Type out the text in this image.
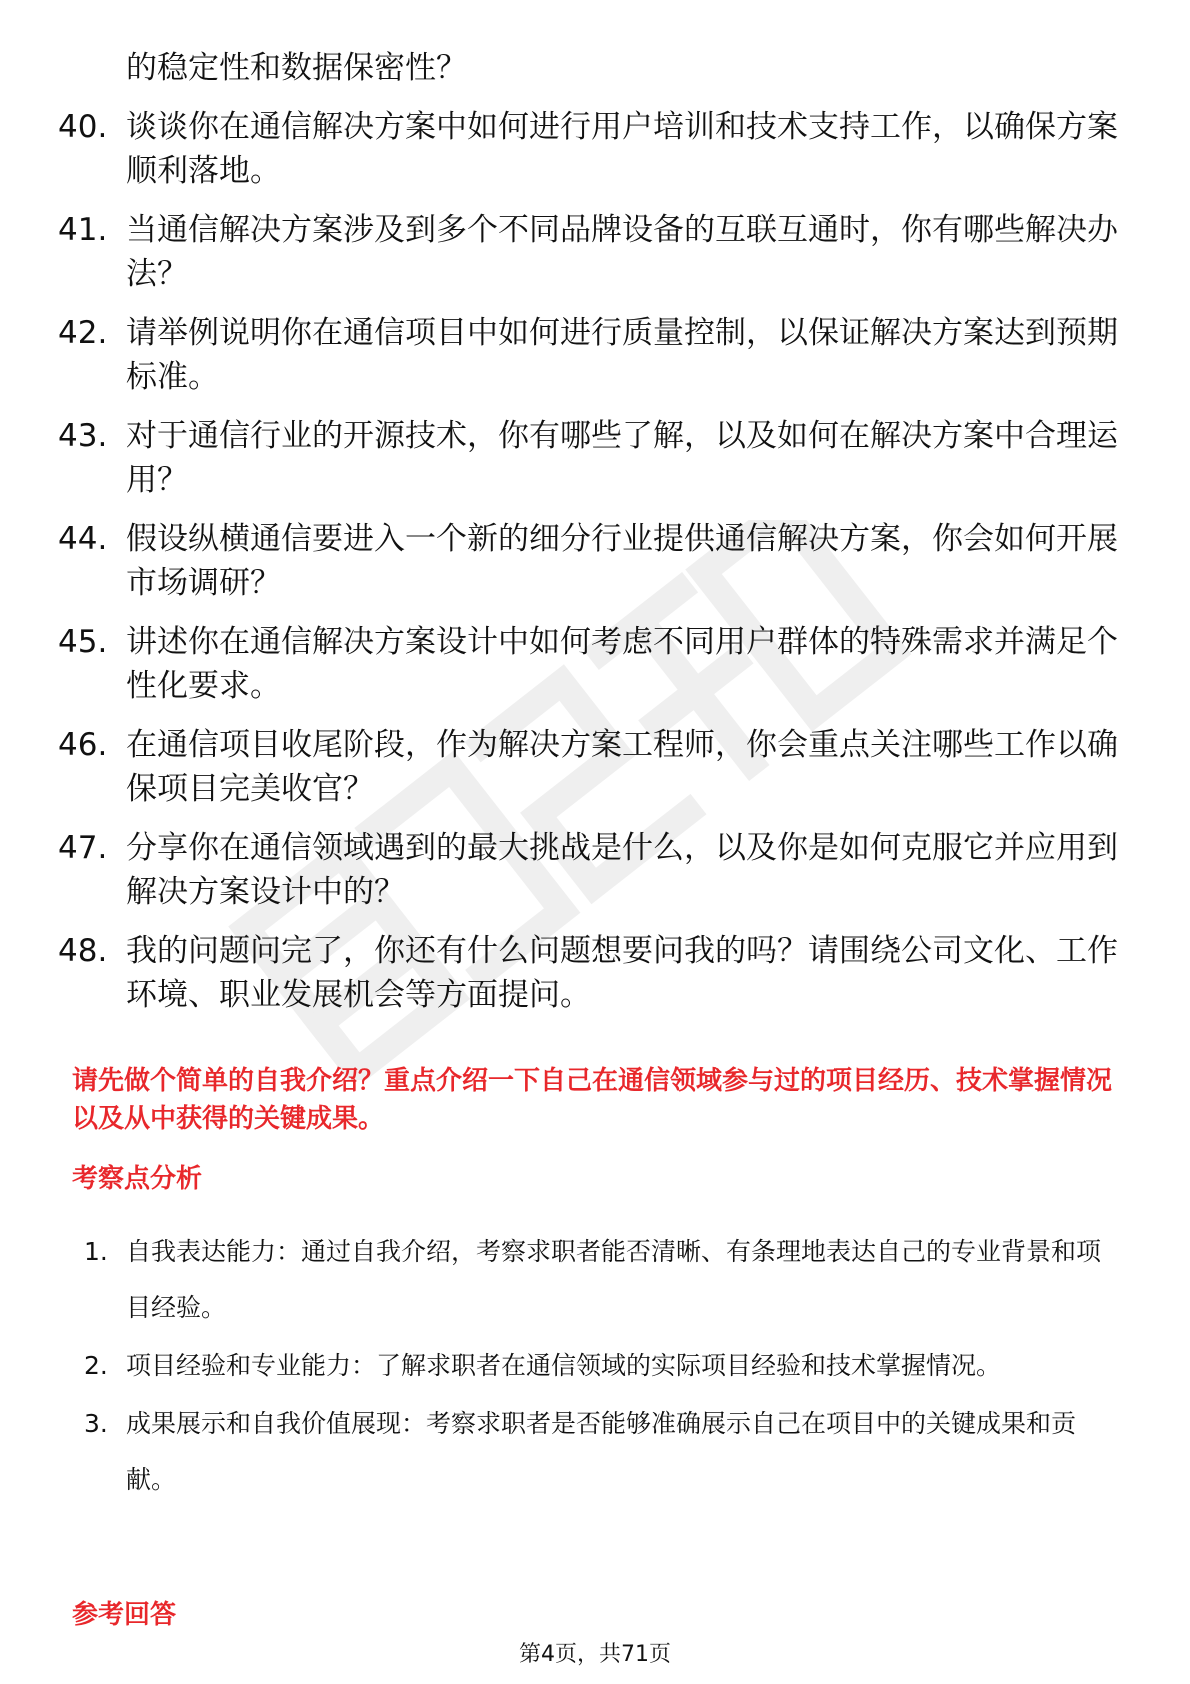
的稳定性和数据保密性？
40. 谈谈你在通信解决方案中如何进行用户培训和技术支持工作，以确保方案顺利落地。
41. 当通信解决方案涉及到多个不同品牌设备的互联互通时，你有哪些解决办法？
42. 请举例说明你在通信项目中如何进行质量控制，以保证解决方案达到预期标准。
43. 对于通信行业的开源技术，你有哪些了解，以及如何在解决方案中合理运用？
44. 假设纵横通信要进入一个新的细分行业提供通信解决方案，你会如何开展市场调研？
45. 讲述你在通信解决方案设计中如何考虑不同用户群体的特殊需求并满足个性化要求。
46. 在通信项目收尾阶段，作为解决方案工程师，你会重点关注哪些工作以确保项目完美收官？
47. 分享你在通信领域遇到的最大挑战是什么，以及你是如何克服它并应用到解决方案设计中的？
48. 我的问题问完了，你还有什么问题想要问我的吗？请围绕公司文化、工作环境、职业发展机会等方面提问。
请先做个简单的自我介绍？重点介绍一下自己在通信领域参与过的项目经历、技术掌握情况以及从中获得的关键成果。
考察点分析
1. 自我表达能力：通过自我介绍，考察求职者能否清晰、有条理地表达自己的专业背景和项目经验。
2. 项目经验和专业能力：了解求职者在通信领域的实际项目经验和技术掌握情况。
3. 成果展示和自我价值展现：考察求职者是否能够准确展示自己在项目中的关键成果和贡献。
参考回答
第4页，共71页
